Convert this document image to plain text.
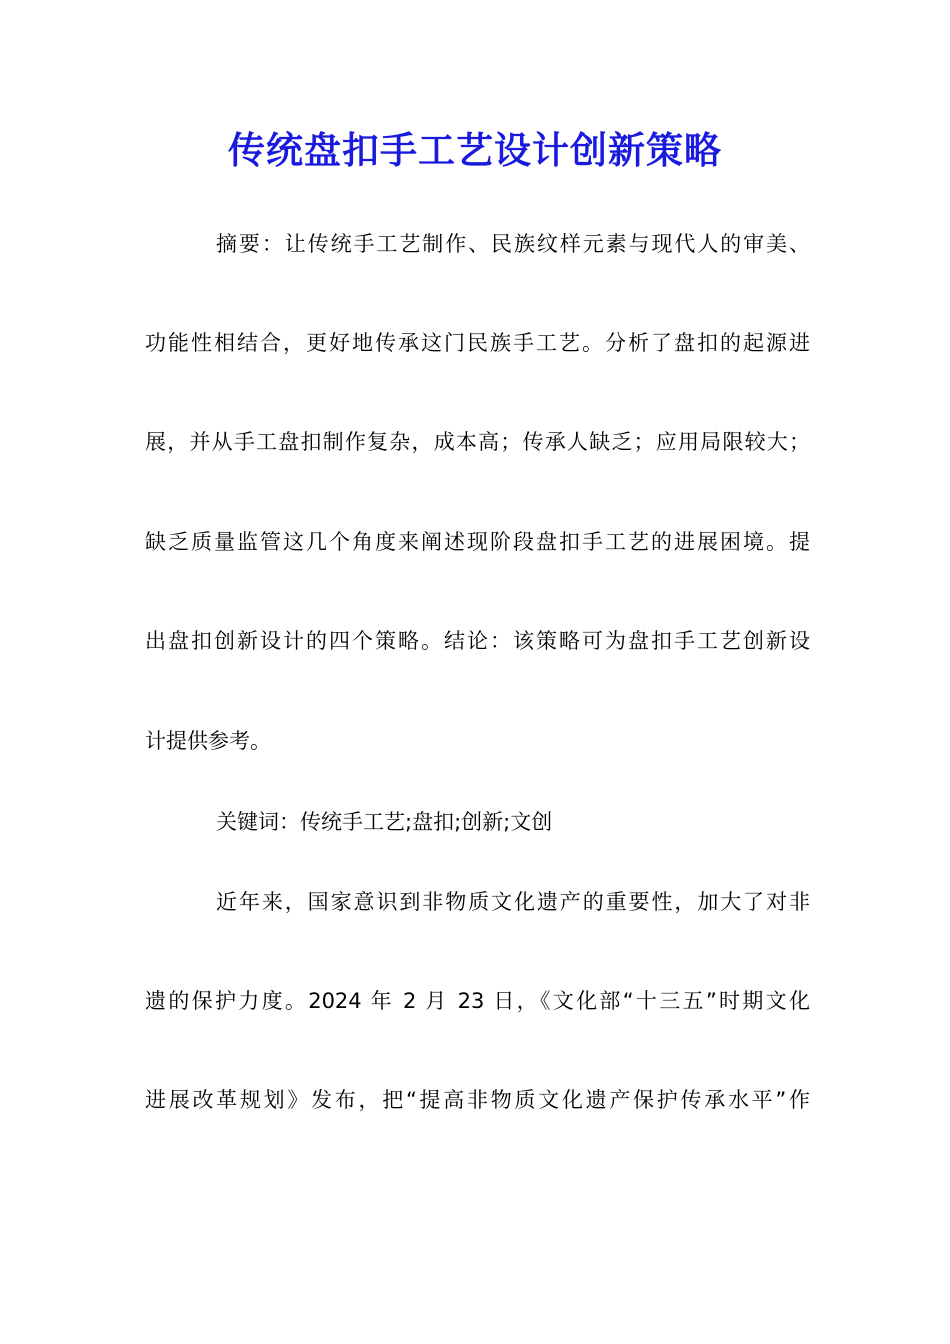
传统盘扣手工艺设计创新策略
摘要：让传统手工艺制作、民族纹样元素与现代人的审美、
功能性相结合，更好地传承这门民族手工艺。分析了盘扣的起源进
展，并从手工盘扣制作复杂，成本高；传承人缺乏；应用局限较大；
缺乏质量监管这几个角度来阐述现阶段盘扣手工艺的进展困境。提
出盘扣创新设计的四个策略。结论：该策略可为盘扣手工艺创新设
计提供参考。
关键词：传统手工艺;盘扣;创新;文创
近年来，国家意识到非物质文化遗产的重要性，加大了对非
遗的保护力度。2024 年 2 月 23 日，《文化部“十三五”时期文化
进展改革规划》发布，把“提高非物质文化遗产保护传承水平”作
